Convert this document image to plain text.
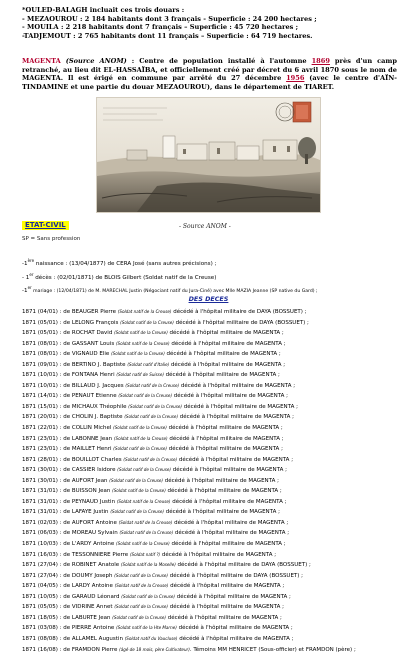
*OULED-BALAGH incluait ces trois douars :
- MEZAOUROU : 2 184 habitants dont 3 français - Superficie : 24 200 hectares ;
- MOUILA : 2 218 habitants dont 7 français – Superficie : 45 720 hectares ;
-TADJEMOUT : 2 765 habitants dont 11 français – Superficie : 64 719 hectares.
MAGENTA (Source ANOM) : Centre de population installé à l'automne 1869 près d'un camp retranché, au lieu dit EL-HASSAÏBA, et officiellement créé par décret du 6 avril 1870 sous le nom de MAGENTA. Il est érigé en commune par arrêté du 27 décembre 1956 (avec le centre d'AÏN-TINDAMINE et une partie du douar MEZAOUROU), dans le département de TIARET.
ETAT-CIVIL	- Source ANOM -
SP = Sans profession
-1ère naissance : (13/04/1877) de CERA José (sans autres précisions) ;
- 1er décès : (02/01/1871) de BLOIS Gilbert (Soldat natif de la Creuse)
-1er mariage : (12/04/1871) de M. MARECHAL Justin (Négociant natif du Jura-Ciné) avec Mlle MAZIA Jeanne (SP native du Gard) ;
DES DECES
1871 (04/01) : de BEAUGER Pierre (Soldat natif de la Creuse) décédé à l'hôpital militaire de DAYA (BOSSUET) ;
1871 (05/01) : de LELONG François (Soldat natif de la Creuse) décédé à l'hôpital militaire de DAYA (BOSSUET) ;
1871 (05/01) : de ROCHAT David (Soldat natif de la Creuse) décédé à l'hôpital militaire de MAGENTA ;
1871 (08/01) : de GASSANT Louis (Soldat natif de la Creuse) décédé à l'hôpital militaire de MAGENTA ;
1871 (08/01) : de VIGNAUD Elie (Soldat natif de la Creuse) décédé à l'hôpital militaire de MAGENTA ;
1871 (09/01) : de BERTINO J. Baptiste (Soldat natif d'Italie) décédé à l'hôpital militaire de MAGENTA ;
1871 (10/01) : de FONTANA Henri (Soldat natif de Suisse) décédé à l'hôpital militaire de MAGENTA ;
1871 (10/01) : de BILLAUD J. Jacques (Soldat natif de la Creuse) décédé à l'hôpital militaire de MAGENTA ;
1871 (14/01) : de PENAUT Etienne (Soldat natif de la Creuse) décédé à l'hôpital militaire de MAGENTA ;
1871 (15/01) : de MICHAUX Théophile (Soldat natif de la Creuse) décédé à l'hôpital militaire de MAGENTA ;
1871 (20/01) : de CHOLIN J. Baptiste (Soldat natif de la Creuse) décédé à l'hôpital militaire de MAGENTA ;
1871 (22/01) : de COLLIN Michel (Soldat natif de la Creuse) décédé à l'hôpital militaire de MAGENTA ;
1871 (23/01) : de LABONNE Jean (Soldat natif de la Creuse) décédé à l'hôpital militaire de MAGENTA ;
1871 (23/01) : de MAILLET Henri (Soldat natif de la Creuse) décédé à l'hôpital militaire de MAGENTA ;
1871 (28/01) : de BOUILLOT Charles (Soldat natif de la Creuse) décédé à l'hôpital militaire de MAGENTA ;
1871 (30/01) : de CASSIER Isidore (Soldat natif de la Creuse) décédé à l'hôpital militaire de MAGENTA ;
1871 (30/01) : de AUFORT Jean (Soldat natif de la Creuse) décédé à l'hôpital militaire de MAGENTA ;
1871 (31/01) : de BUISSON Jean (Soldat natif de la Creuse) décédé à l'hôpital militaire de MAGENTA ;
1871 (31/01) : de PEYNAUD Justin (Soldat natif de la Creuse) décédé à l'hôpital militaire de MAGENTA ;
1871 (31/01) : de LAFAYE Justin (Soldat natif de la Creuse) décédé à l'hôpital militaire de MAGENTA ;
1871 (02/03) : de AUFORT Antoine (Soldat natif de la Creuse) décédé à l'hôpital militaire de MAGENTA ;
1871 (06/03) : de MOREAU Sylvain (Soldat natif de la Creuse) décédé à l'hôpital militaire de MAGENTA ;
1871 (10/03) : de L'ARDY Antoine (Soldat natif de la Creuse) décédé à l'hôpital militaire de MAGENTA ;
1871 (16/03) : de TESSONNIERE Pierre (Soldat natif ?) décédé à l'hôpital militaire de MAGENTA ;
1871 (27/04) : de ROBINET Anatole (Soldat natif de la Moselle) décédé à l'hôpital militaire de DAYA (BOSSUET) ;
1871 (27/04) : de DOUMY Joseph (Soldat natif de la Creuse) décédé à l'hôpital militaire de DAYA (BOSSUET) ;
1871 (04/05) : de LARDY Antoine (Soldat natif de la Creuse) décédé à l'hôpital militaire de MAGENTA ;
1871 (10/05) : de GARAUD Léonard (Soldat natif de la Creuse) décédé à l'hôpital militaire de MAGENTA ;
1871 (05/05) : de VIDRINE Annet (Soldat natif de la Creuse) décédé à l'hôpital militaire de MAGENTA ;
1871 (18/05) : de LABURTE Jean (Soldat natif de la Creuse) décédé à l'hôpital militaire de MAGENTA ;
1871 (03/08) : de PIERRE Antoine (Soldat natif de la Hte Marne) décédé à l'hôpital militaire de MAGENTA ;
1871 (08/08) : de ALLAMEL Augustin (Soldat natif du Vaucluse) décédé à l'hôpital militaire de MAGENTA ;
1871 (16/08) : de FRAMDON Pierre (âgé de 18 mois, père Cultivateur). Témoins MM HENRICET (Sous-officier) et FRAMDON (père) ;
